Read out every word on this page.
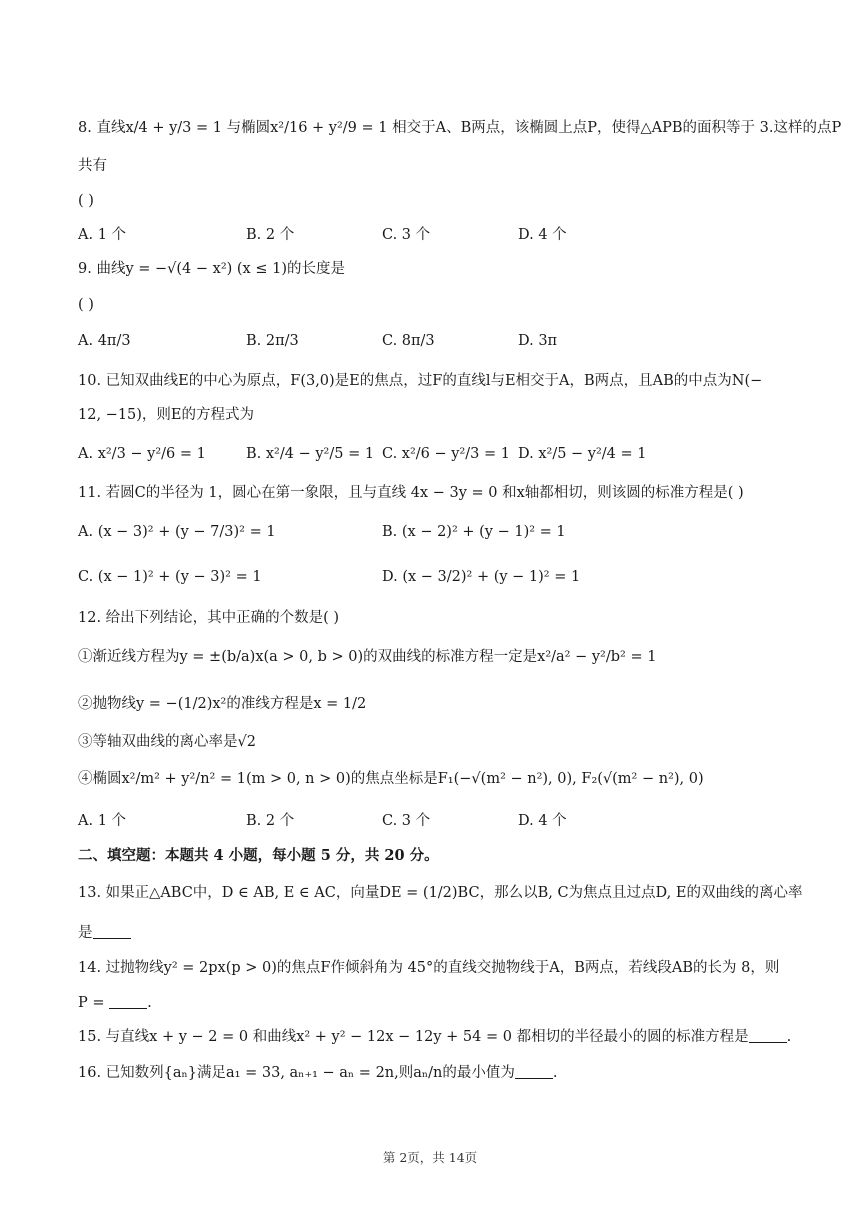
8. 直线x/4 + y/3 = 1 与椭圆x²/16 + y²/9 = 1 相交于A、B两点，该椭圆上点P，使得△APB的面积等于 3.这样的点P
共有
( )
A. 1 个	B. 2 个	C. 3 个	D. 4 个
9. 曲线y = −√(4 − x²) (x ≤ 1)的长度是
( )
A. 4π/3	B. 2π/3	C. 8π/3	D. 3π
10. 已知双曲线E的中心为原点，F(3,0)是E的焦点，过F的直线l与E相交于A，B两点，且AB的中点为N(−
12, −15)，则E的方程式为
A. x²/3 − y²/6 = 1	B. x²/4 − y²/5 = 1 C. x²/6 − y²/3 = 1 D. x²/5 − y²/4 = 1
11. 若圆C的半径为 1，圆心在第一象限，且与直线 4x − 3y = 0 和x轴都相切，则该圆的标准方程是( )
A. (x − 3)² + (y − 7/3)² = 1	B. (x − 2)² + (y − 1)² = 1
C. (x − 1)² + (y − 3)² = 1	D. (x − 3/2)² + (y − 1)² = 1
12. 给出下列结论，其中正确的个数是( )
①渐近线方程为y = ±(b/a)x(a > 0, b > 0)的双曲线的标准方程一定是x²/a² − y²/b² = 1
②抛物线y = −(1/2)x²的准线方程是x = 1/2
③等轴双曲线的离心率是√2
④椭圆x²/m² + y²/n² = 1(m > 0, n > 0)的焦点坐标是F₁(−√(m² − n²), 0), F₂(√(m² − n²), 0)
A. 1 个	B. 2 个	C. 3 个	D. 4 个
二、填空题：本题共 4 小题，每小题 5 分，共 20 分。
13. 如果正△ABC中，D ∈ AB, E ∈ AC，向量DE = (1/2)BC，那么以B, C为焦点且过点D, E的双曲线的离心率
是
14. 过抛物线y² = 2px(p > 0)的焦点F作倾斜角为 45°的直线交抛物线于A，B两点，若线段AB的长为 8，则
P =	.
15. 与直线x + y − 2 = 0 和曲线x² + y² − 12x − 12y + 54 = 0 都相切的半径最小的圆的标准方程是	.
16. 已知数列{aₙ}满足a₁ = 33, aₙ₊₁ − aₙ = 2n,则aₙ/n的最小值为	.
第 2页，共 14页
